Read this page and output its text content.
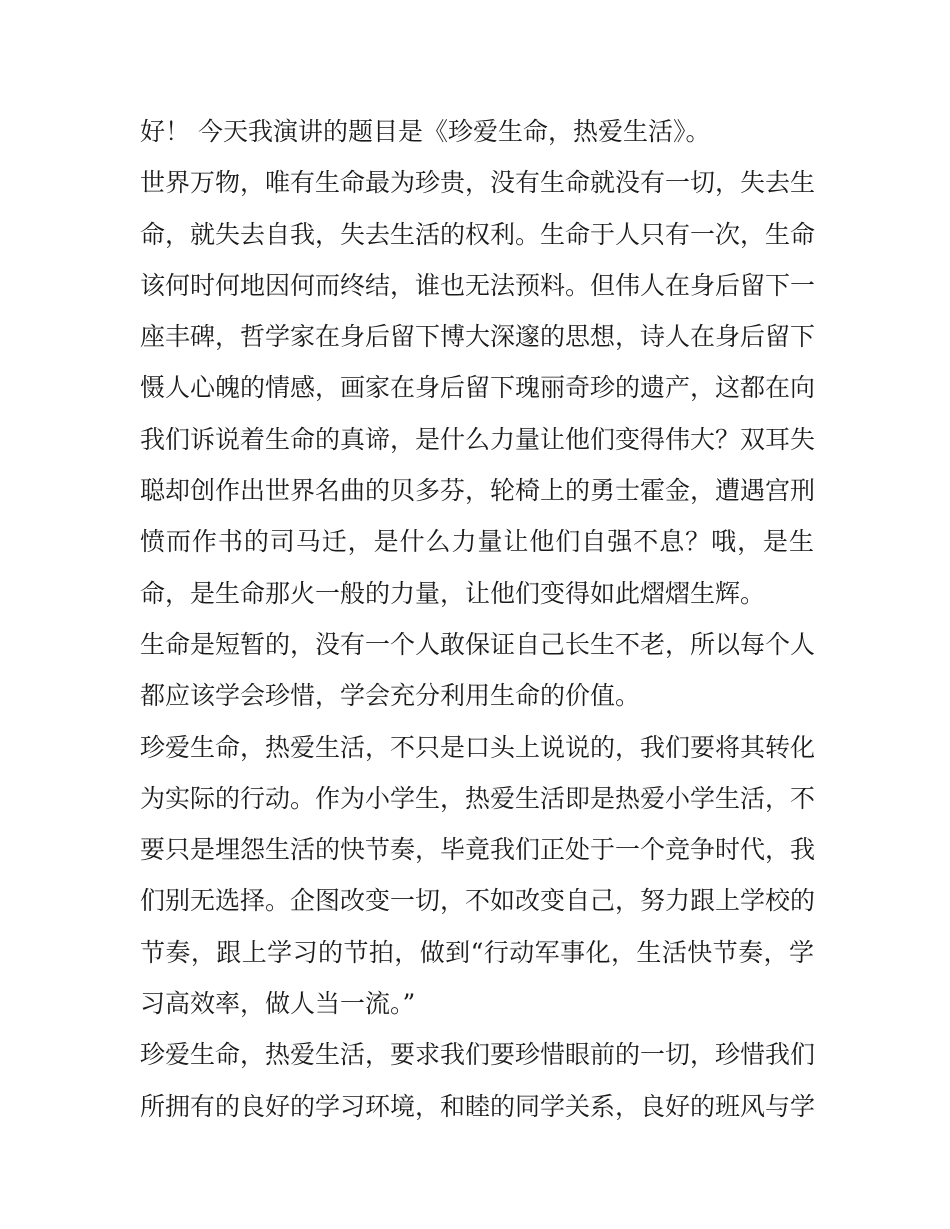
好！ 今天我演讲的题目是《珍爱生命，热爱生活》。
世界万物，唯有生命最为珍贵，没有生命就没有一切，失去生
命，就失去自我，失去生活的权利。生命于人只有一次，生命
该何时何地因何而终结，谁也无法预料。但伟人在身后留下一
座丰碑，哲学家在身后留下博大深邃的思想，诗人在身后留下
慑人心魄的情感，画家在身后留下瑰丽奇珍的遗产，这都在向
我们诉说着生命的真谛，是什么力量让他们变得伟大？双耳失
聪却创作出世界名曲的贝多芬，轮椅上的勇士霍金，遭遇宫刑
愤而作书的司马迁，是什么力量让他们自强不息？哦，是生
命，是生命那火一般的力量，让他们变得如此熠熠生辉。
生命是短暂的，没有一个人敢保证自己长生不老，所以每个人
都应该学会珍惜，学会充分利用生命的价值。
珍爱生命，热爱生活，不只是口头上说说的，我们要将其转化
为实际的行动。作为小学生，热爱生活即是热爱小学生活，不
要只是埋怨生活的快节奏，毕竟我们正处于一个竞争时代，我
们别无选择。企图改变一切，不如改变自己，努力跟上学校的
节奏，跟上学习的节拍，做到“行动军事化，生活快节奏，学
习高效率，做人当一流。”
珍爱生命，热爱生活，要求我们要珍惜眼前的一切，珍惜我们
所拥有的良好的学习环境，和睦的同学关系，良好的班风与学
